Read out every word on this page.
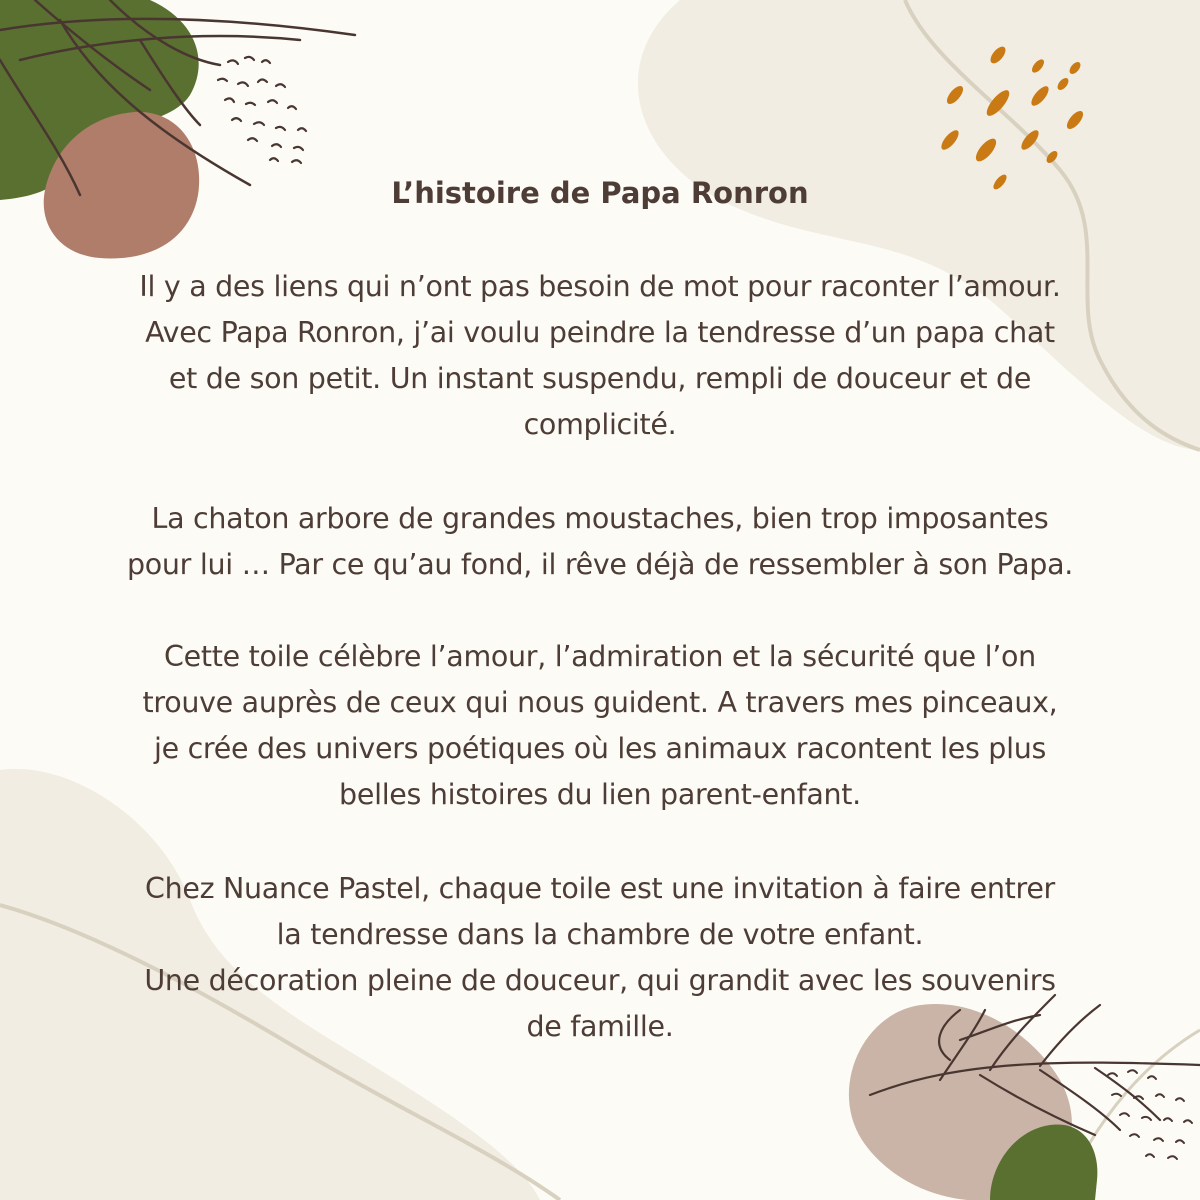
L’histoire de Papa Ronron

Il y a des liens qui n’ont pas besoin de mot pour raconter l’amour.
Avec Papa Ronron, j’ai voulu peindre la tendresse d’un papa chat
et de son petit. Un instant suspendu, rempli de douceur et de
complicité.

La chaton arbore de grandes moustaches, bien trop imposantes
pour lui … Par ce qu’au fond, il rêve déjà de ressembler à son Papa.

Cette toile célèbre l’amour, l’admiration et la sécurité que l’on
trouve auprès de ceux qui nous guident. A travers mes pinceaux,
je crée des univers poétiques où les animaux racontent les plus
belles histoires du lien parent-enfant.

Chez Nuance Pastel, chaque toile est une invitation à faire entrer
la tendresse dans la chambre de votre enfant.
Une décoration pleine de douceur, qui grandit avec les souvenirs
de famille.
